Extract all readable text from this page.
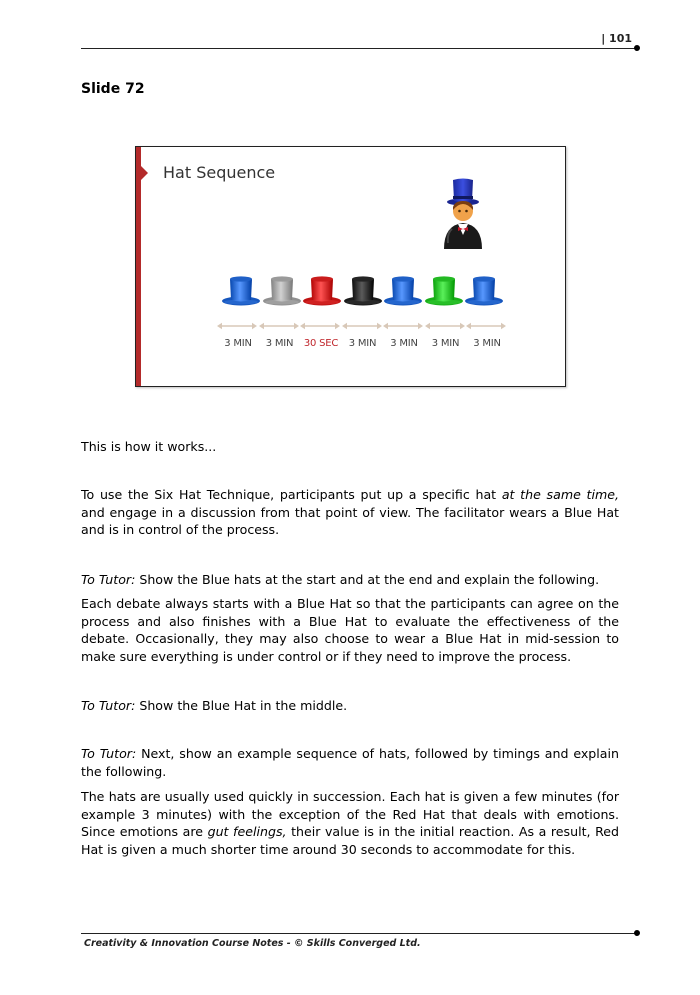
| 101
Slide 72
Hat Sequence
3 MIN	3 MIN	30 SEC	3 MIN	3 MIN	3 MIN	3 MIN
This is how it works...
To use the Six Hat Technique, participants put up a specific hat at the same time, and engage in a discussion from that point of view. The facilitator wears a Blue Hat and is in control of the process.
To Tutor: Show the Blue hats at the start and at the end and explain the following.
Each debate always starts with a Blue Hat so that the participants can agree on the process and also finishes with a Blue Hat to evaluate the effectiveness of the debate. Occasionally, they may also choose to wear a Blue Hat in mid-session to make sure everything is under control or if they need to improve the process.
To Tutor: Show the Blue Hat in the middle.
To Tutor: Next, show an example sequence of hats, followed by timings and explain the following.
The hats are usually used quickly in succession. Each hat is given a few minutes (for example 3 minutes) with the exception of the Red Hat that deals with emotions. Since emotions are gut feelings, their value is in the initial reaction. As a result, Red Hat is given a much shorter time around 30 seconds to accommodate for this.
Creativity & Innovation Course Notes - © Skills Converged Ltd.
